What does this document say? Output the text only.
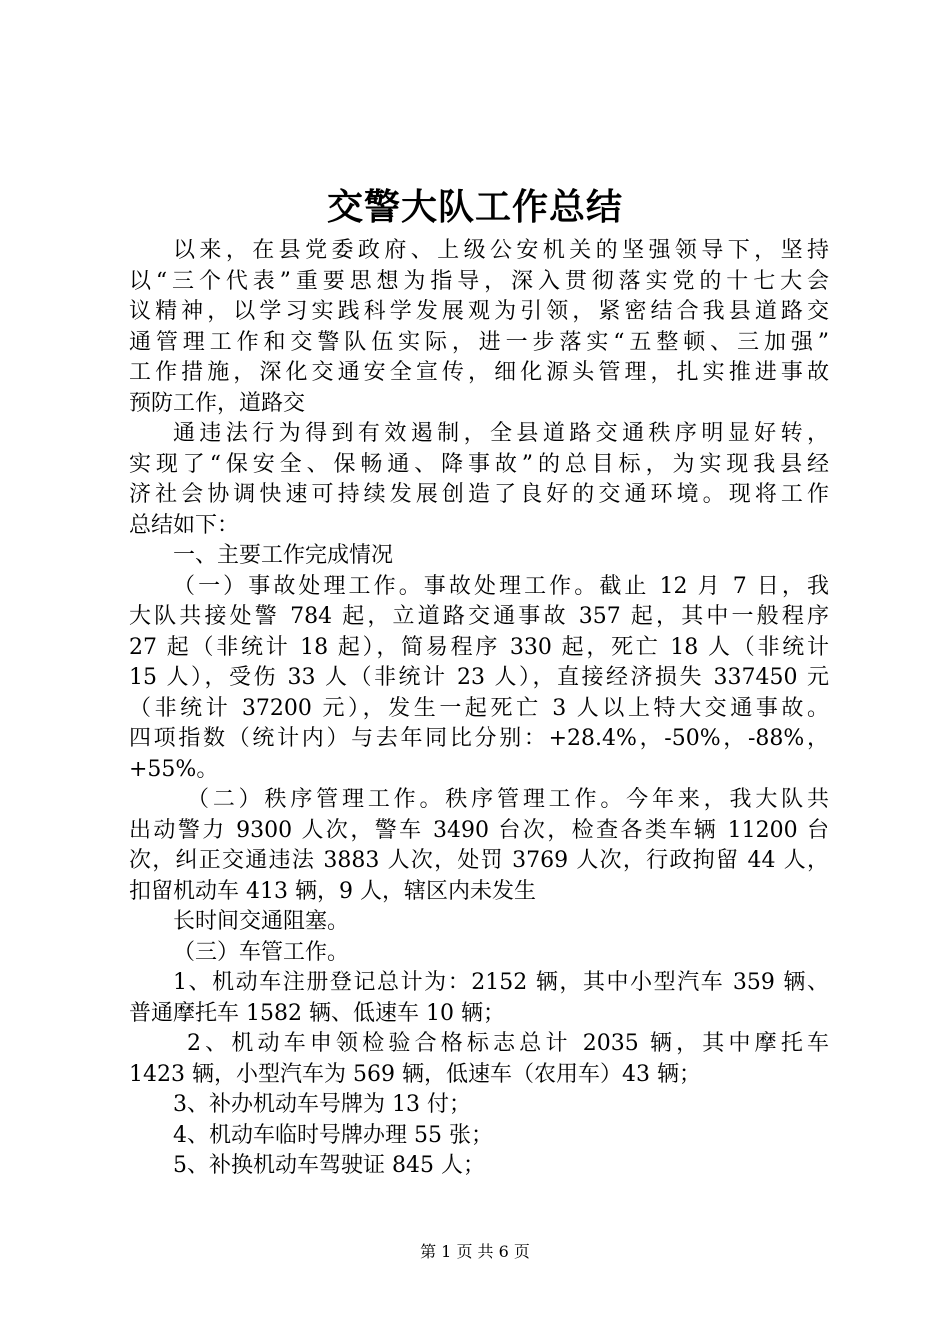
交警大队工作总结
以来，在县党委政府、上级公安机关的坚强领导下，坚持
以“三个代表”重要思想为指导，深入贯彻落实党的十七大会
议精神，以学习实践科学发展观为引领，紧密结合我县道路交
通管理工作和交警队伍实际，进一步落实“五整顿、三加强”
工作措施，深化交通安全宣传，细化源头管理，扎实推进事故
预防工作，道路交
通违法行为得到有效遏制，全县道路交通秩序明显好转，
实现了“保安全、保畅通、降事故”的总目标，为实现我县经
济社会协调快速可持续发展创造了良好的交通环境。现将工作
总结如下：
一、主要工作完成情况
（一）事故处理工作。事故处理工作。截止 12 月 7 日，我
大队共接处警 784 起，立道路交通事故 357 起，其中一般程序
27 起（非统计 18 起），简易程序 330 起，死亡 18 人（非统计
15 人），受伤 33 人（非统计 23 人），直接经济损失 337450 元
（非统计 37200 元），发生一起死亡 3 人以上特大交通事故。
四项指数（统计内）与去年同比分别：+28.4%，-50%，-88%，
+55%。
（二）秩序管理工作。秩序管理工作。今年来，我大队共
出动警力 9300 人次，警车 3490 台次，检查各类车辆 11200 台
次，纠正交通违法 3883 人次，处罚 3769 人次，行政拘留 44 人，
扣留机动车 413 辆，9 人，辖区内未发生
长时间交通阻塞。
（三）车管工作。
1、机动车注册登记总计为：2152 辆，其中小型汽车 359 辆、
普通摩托车 1582 辆、低速车 10 辆；
2、机动车申领检验合格标志总计 2035 辆，其中摩托车
1423 辆，小型汽车为 569 辆，低速车（农用车）43 辆；
3、补办机动车号牌为 13 付；
4、机动车临时号牌办理 55 张；
5、补换机动车驾驶证 845 人；
第 1 页 共 6 页
